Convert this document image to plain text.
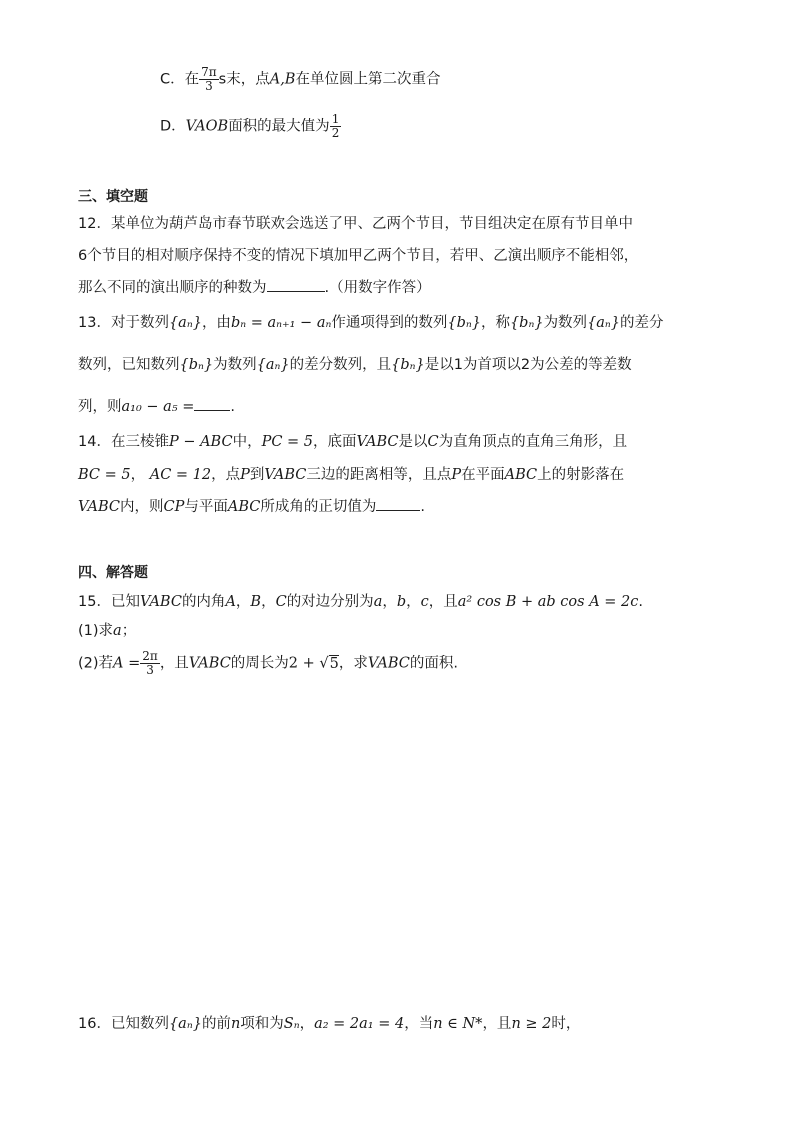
C．在 $\frac{7\pi}{3}$ s末，点A,B在单位圆上第二次重合
D．VAOB面积的最大值为 $\frac{1}{2}$
三、填空题
12．某单位为葫芦岛市春节联欢会选送了甲、乙两个节目，节目组决定在原有节目单中
6个节目的相对顺序保持不变的情况下填加甲乙两个节目，若甲、乙演出顺序不能相邻，
那么不同的演出顺序的种数为	.（用数字作答）
13．对于数列{aₙ}，由bₙ = aₙ₊₁ − aₙ作通项得到的数列{bₙ}，称{bₙ}为数列{aₙ}的差分
数列，已知数列{bₙ}为数列{aₙ}的差分数列，且{bₙ}是以1为首项以2为公差的等差数
列，则a₁₀ − a₅ = .
14．在三棱锥P − ABC中，PC = 5，底面VABC是以C为直角顶点的直角三角形，且
BC = 5， AC = 12，点P到VABC三边的距离相等，且点P在平面ABC上的射影落在
VABC内，则CP与平面ABC所成角的正切值为	.
四、解答题
15．已知VABC的内角A，B，C的对边分别为a，b，c，且a² cos B + ab cos A = 2c.
(1)求a；
(2)若$A = \frac{2\pi}{3}$ ，且VABC的周长为2 + √5，求VABC的面积.
16．已知数列{aₙ}的前n项和为Sₙ，a₂ = 2a₁ = 4，当n ∈ N*，且n ≥ 2时，
